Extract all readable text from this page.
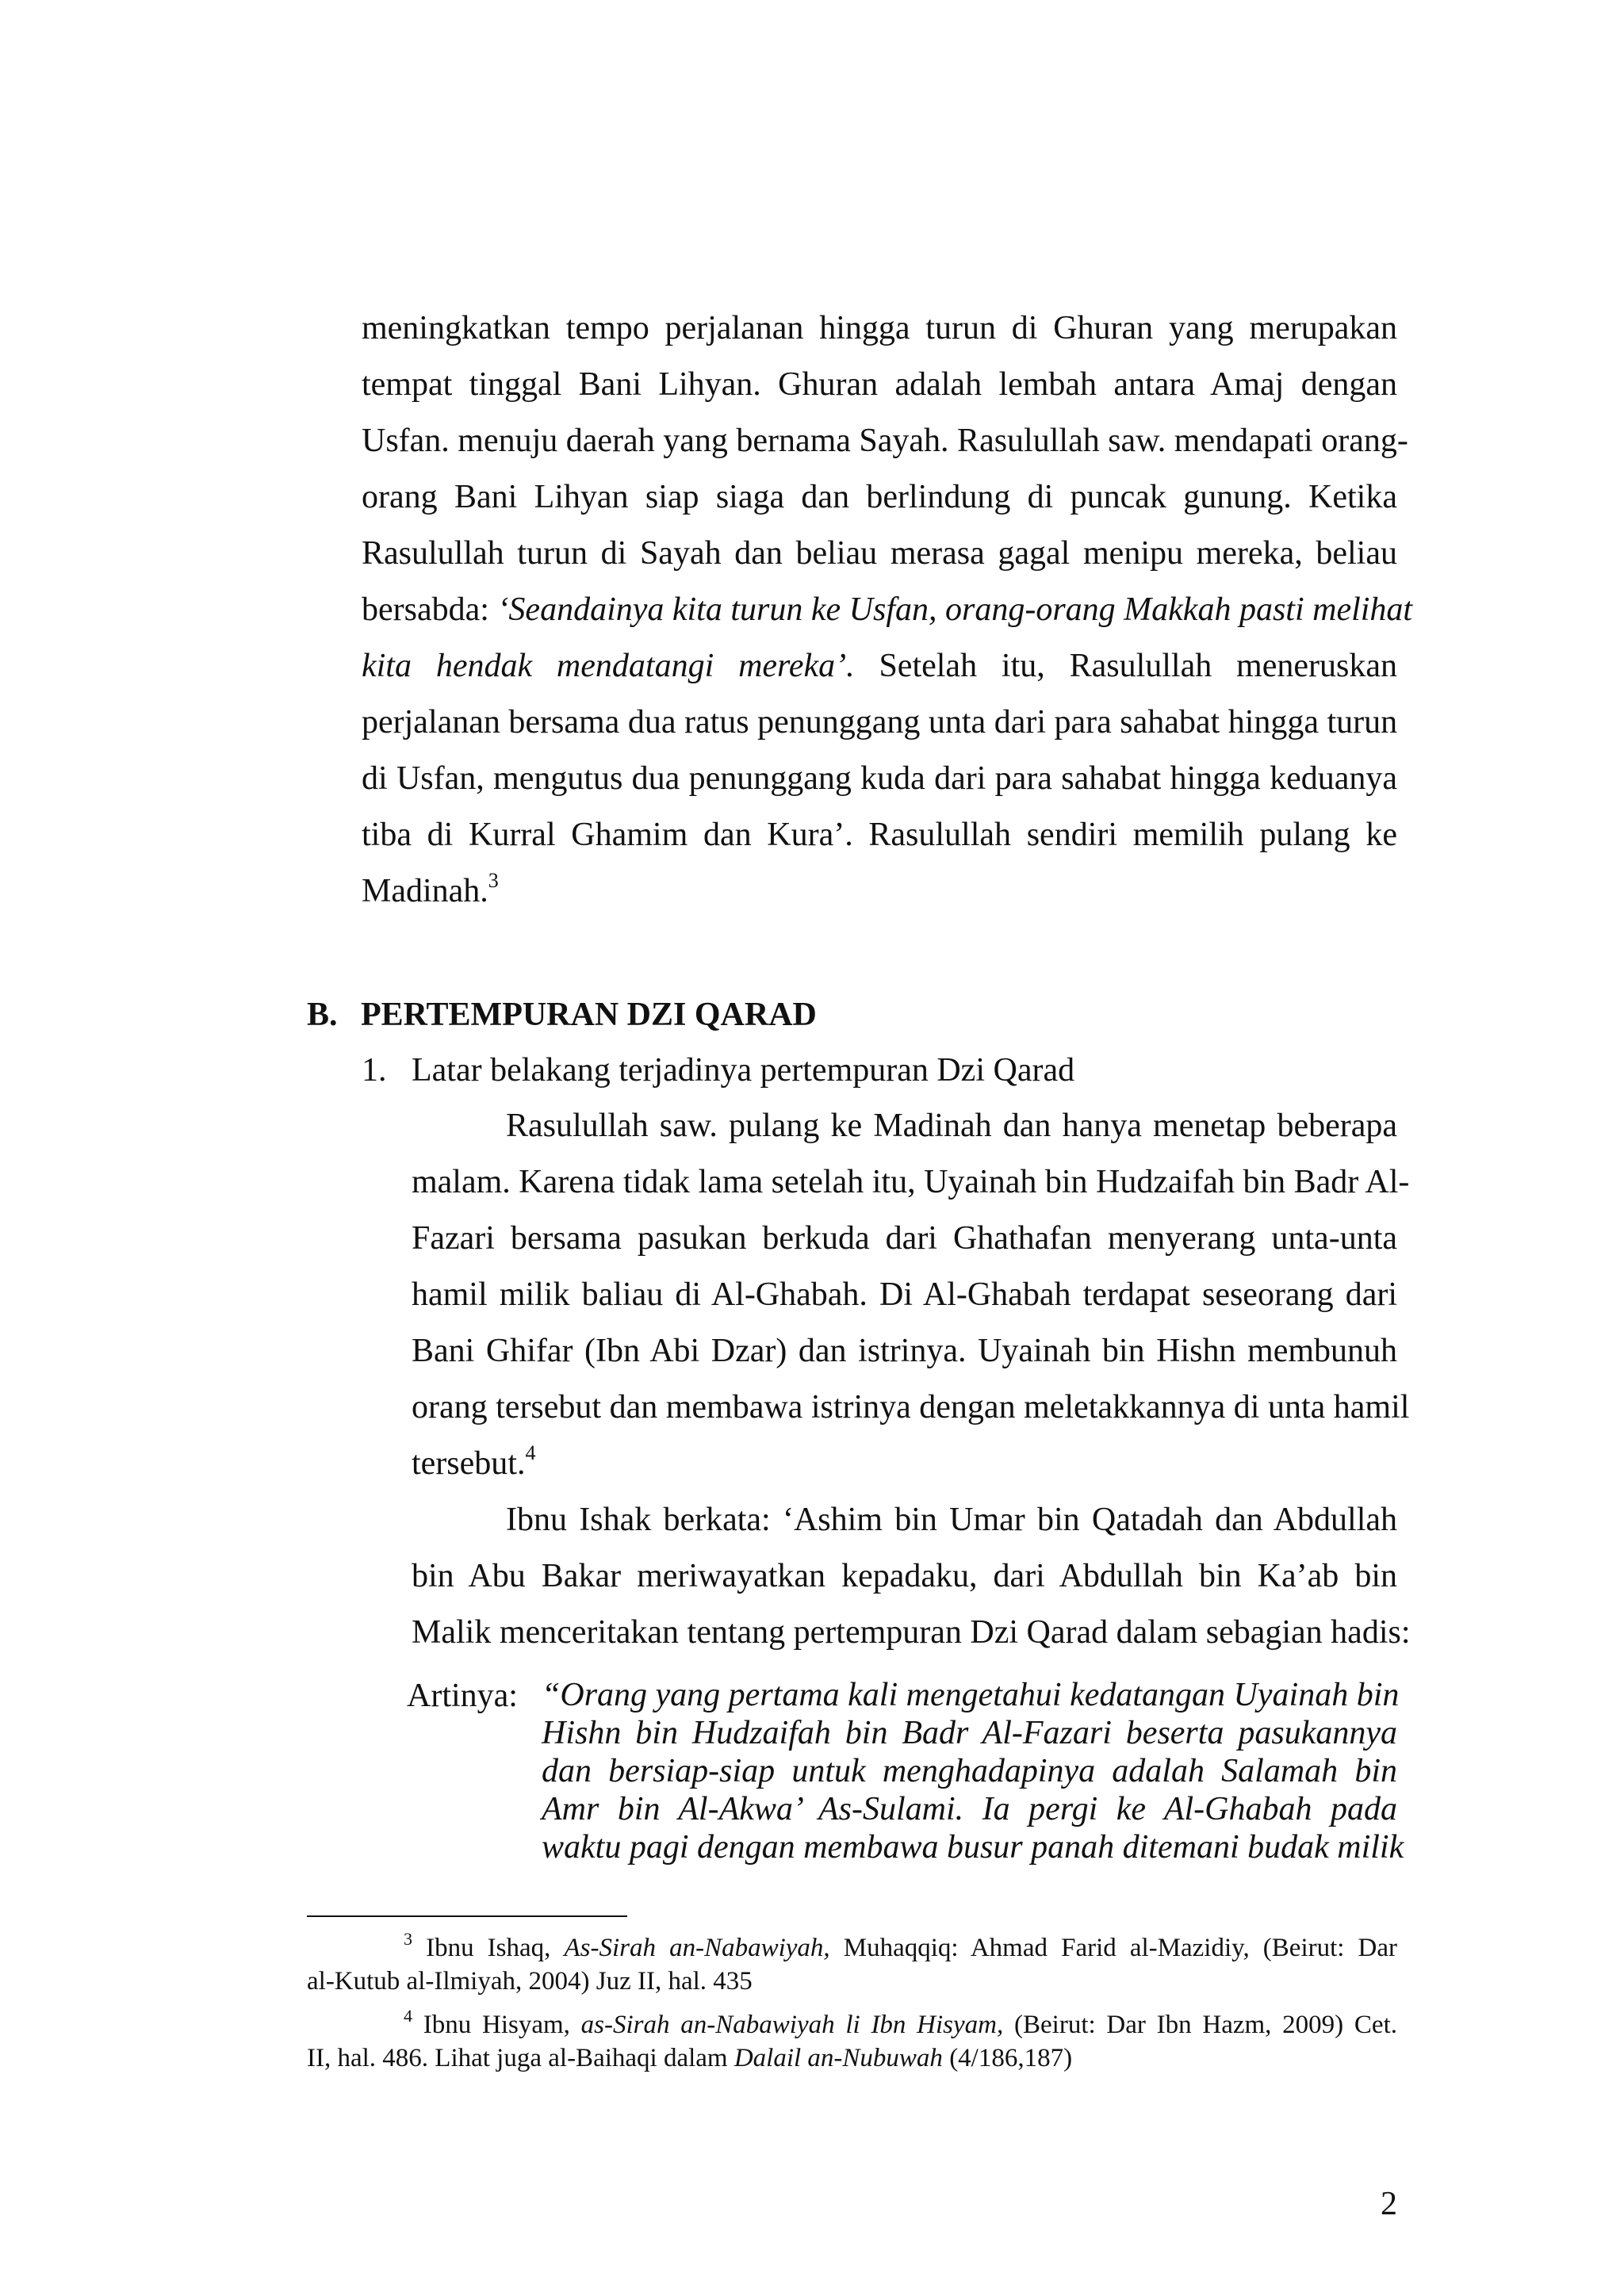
meningkatkan tempo perjalanan hingga turun di Ghuran yang merupakan
tempat tinggal Bani Lihyan. Ghuran adalah lembah antara Amaj dengan
Usfan. menuju daerah yang bernama Sayah. Rasulullah saw. mendapati orang-
orang Bani Lihyan siap siaga dan berlindung di puncak gunung. Ketika
Rasulullah turun di Sayah dan beliau merasa gagal menipu mereka, beliau
bersabda: ‘Seandainya kita turun ke Usfan, orang-orang Makkah pasti melihat
kita hendak mendatangi mereka’. Setelah itu, Rasulullah meneruskan
perjalanan bersama dua ratus penunggang unta dari para sahabat hingga turun
di Usfan, mengutus dua penunggang kuda dari para sahabat hingga keduanya
tiba di Kurral Ghamim dan Kura’. Rasulullah sendiri memilih pulang ke
Madinah.$^3$
B. PERTEMPURAN DZI QARAD
1. Latar belakang terjadinya pertempuran Dzi Qarad
Rasulullah saw. pulang ke Madinah dan hanya menetap beberapa
malam. Karena tidak lama setelah itu, Uyainah bin Hudzaifah bin Badr Al-
Fazari bersama pasukan berkuda dari Ghathafan menyerang unta-unta
hamil milik baliau di Al-Ghabah. Di Al-Ghabah terdapat seseorang dari
Bani Ghifar (Ibn Abi Dzar) dan istrinya. Uyainah bin Hishn membunuh
orang tersebut dan membawa istrinya dengan meletakkannya di unta hamil
tersebut.$^4$
Ibnu Ishak berkata: ‘Ashim bin Umar bin Qatadah dan Abdullah
bin Abu Bakar meriwayatkan kepadaku, dari Abdullah bin Ka’ab bin
Malik menceritakan tentang pertempuran Dzi Qarad dalam sebagian hadis:
Artinya: “Orang yang pertama kali mengetahui kedatangan Uyainah bin
Hishn bin Hudzaifah bin Badr Al-Fazari beserta pasukannya
dan bersiap-siap untuk menghadapinya adalah Salamah bin
Amr bin Al-Akwa’ As-Sulami. Ia pergi ke Al-Ghabah pada
waktu pagi dengan membawa busur panah ditemani budak milik
$^3$ Ibnu Ishaq, As-Sirah an-Nabawiyah, Muhaqqiq: Ahmad Farid al-Mazidiy, (Beirut: Dar
al-Kutub al-Ilmiyah, 2004) Juz II, hal. 435
$^4$ Ibnu Hisyam, as-Sirah an-Nabawiyah li Ibn Hisyam, (Beirut: Dar Ibn Hazm, 2009) Cet.
II, hal. 486. Lihat juga al-Baihaqi dalam Dalail an-Nubuwah (4/186,187)
2
